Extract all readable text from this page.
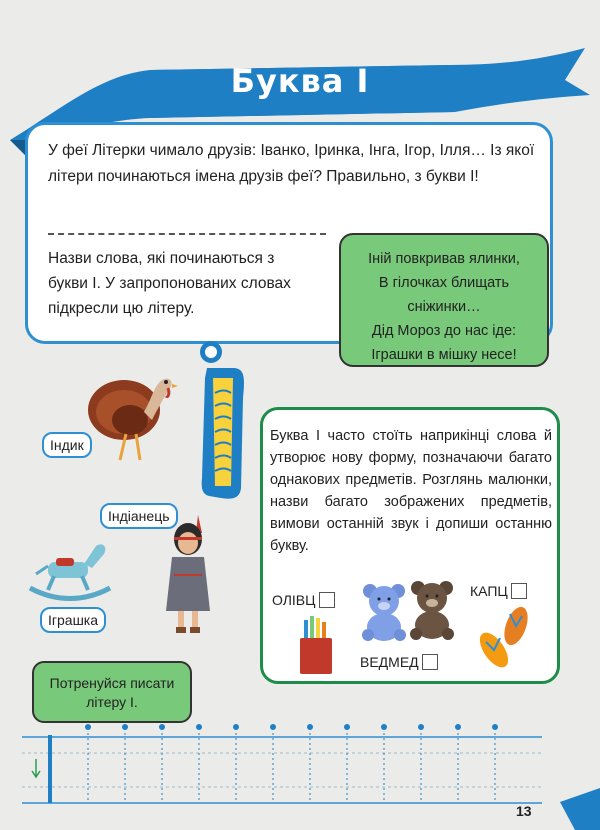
Буква І
У феї Літерки чимало друзів: Іванко, Іринка, Інга, Ігор, Ілля… Із якої літери починаються імена друзів феї? Правильно, з букви І!
Назви слова, які починаються з букви І. У запропонованих словах підкресли цю літеру.
Іній повкривав ялинки,
В гілочках блищать сніжинки…
Дід Мороз до нас іде:
Іграшки в мішку несе!
Індик
Індіанець
Іграшка
Буква І часто стоїть наприкінці слова й утворює нову форму, позначаючи багато однакових предметів. Розглянь малюнки, назви багато зображених предметів, вимови останній звук і допиши останню букву.
ОЛІВЦ
КАПЦ
ВЕДМЕД
Потренуйся писати літеру І.
13
